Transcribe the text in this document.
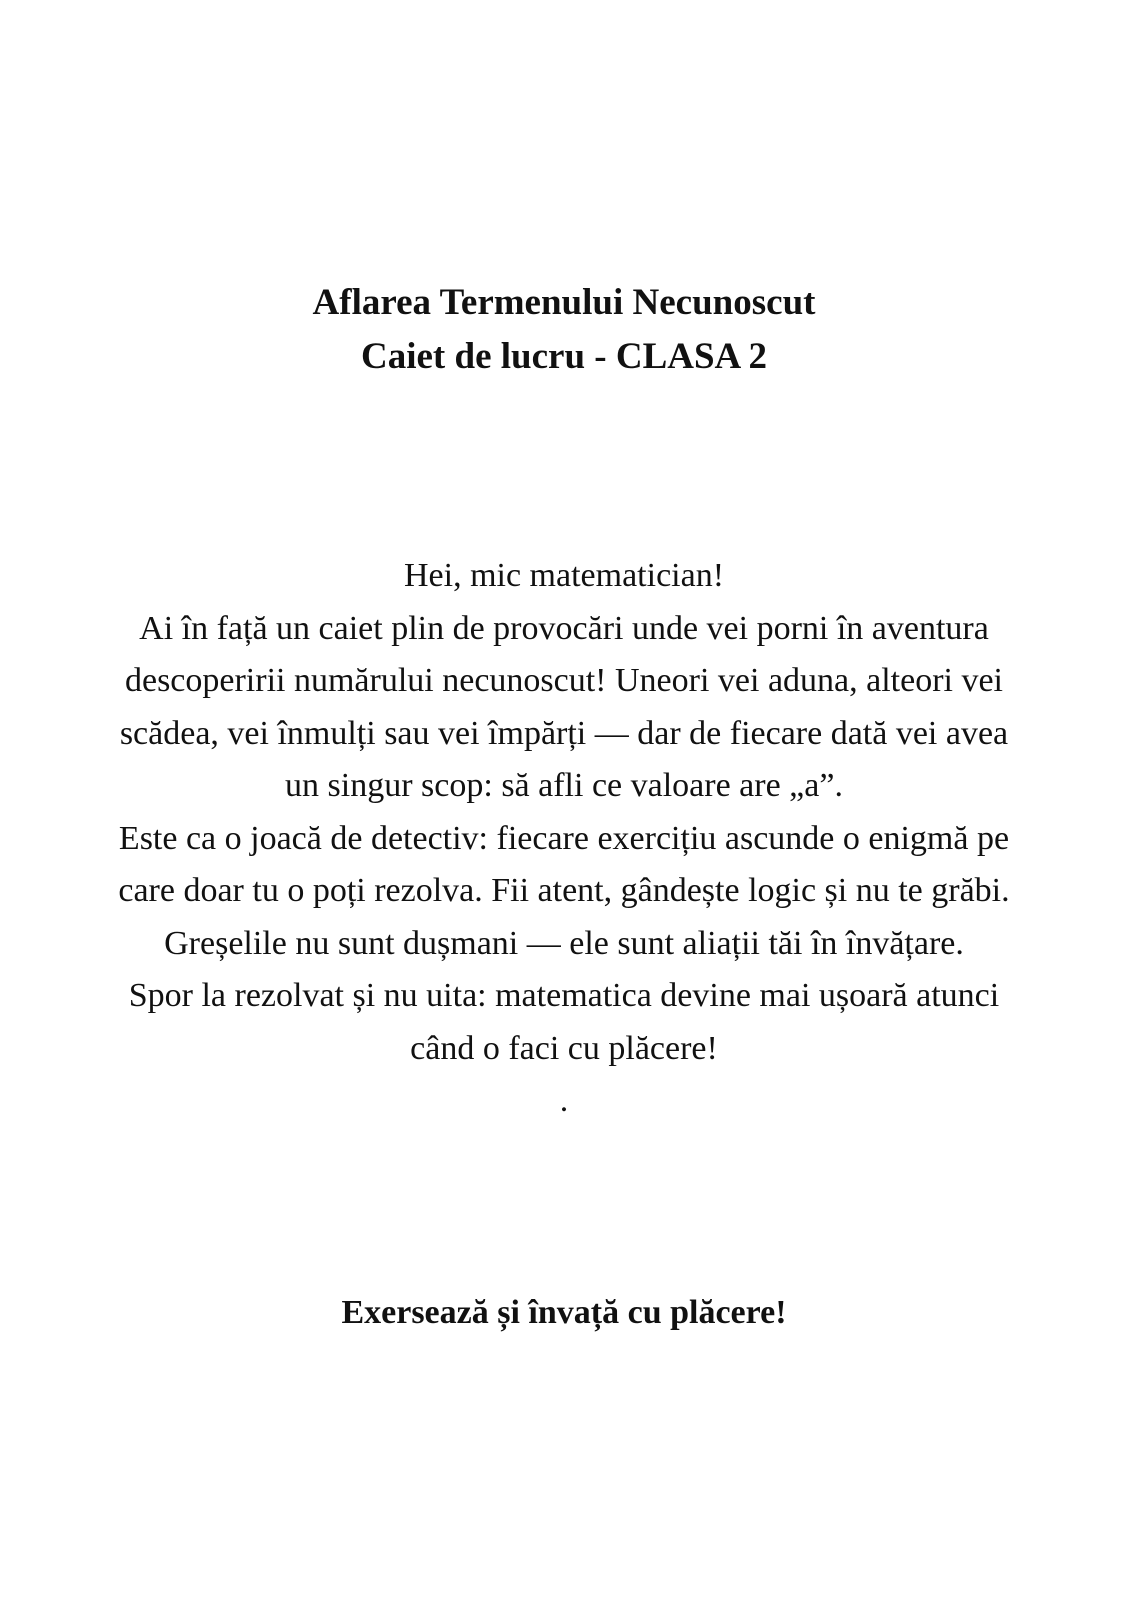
Aflarea Termenului Necunoscut
Caiet de lucru - CLASA 2

Hei, mic matematician!

Ai în față un caiet plin de provocări unde vei porni în aventura descoperirii numărului necunoscut! Uneori vei aduna, alteori vei scădea, vei înmulți sau vei împărți — dar de fiecare dată vei avea un singur scop: să afli ce valoare are „a”.

Este ca o joacă de detectiv: fiecare exercițiu ascunde o enigmă pe care doar tu o poți rezolva. Fii atent, gândește logic și nu te grăbi. Greșelile nu sunt dușmani — ele sunt aliații tăi în învățare.

Spor la rezolvat și nu uita: matematica devine mai ușoară atunci când o faci cu plăcere!

.
Exersează și învață cu plăcere!
